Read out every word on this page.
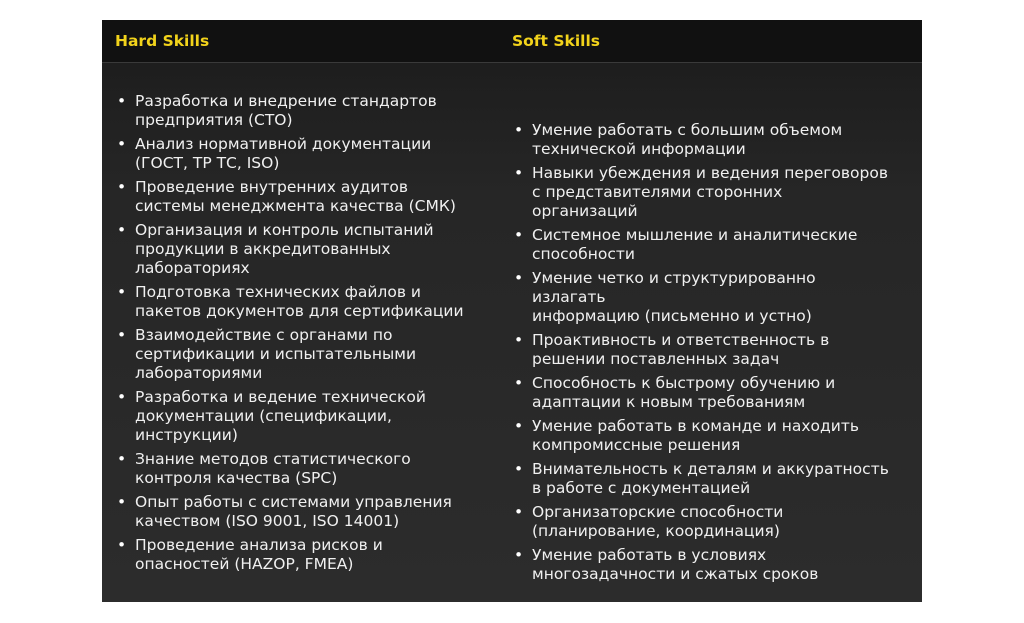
Hard Skills	Soft Skills
• Разработка и внедрение стандартов
предприятия (СТО)
• Анализ нормативной документации
(ГОСТ, ТР ТС, ISO)
• Проведение внутренних аудитов
системы менеджмента качества (СМК)
• Организация и контроль испытаний
продукции в аккредитованных
лабораториях
• Подготовка технических файлов и
пакетов документов для сертификации
• Взаимодействие с органами по
сертификации и испытательными
лабораториями
• Разработка и ведение технической
документации (спецификации,
инструкции)
• Знание методов статистического
контроля качества (SPC)
• Опыт работы с системами управления
качеством (ISO 9001, ISO 14001)
• Проведение анализа рисков и
опасностей (HAZOP, FMEA)
• Умение работать с большим объемом
технической информации
• Навыки убеждения и ведения переговоров
с представителями сторонних организаций
• Системное мышление и аналитические
способности
• Умение четко и структурированно излагать
информацию (письменно и устно)
• Проактивность и ответственность в
решении поставленных задач
• Способность к быстрому обучению и
адаптации к новым требованиям
• Умение работать в команде и находить
компромиссные решения
• Внимательность к деталям и аккуратность
в работе с документацией
• Организаторские способности
(планирование, координация)
• Умение работать в условиях
многозадачности и сжатых сроков
